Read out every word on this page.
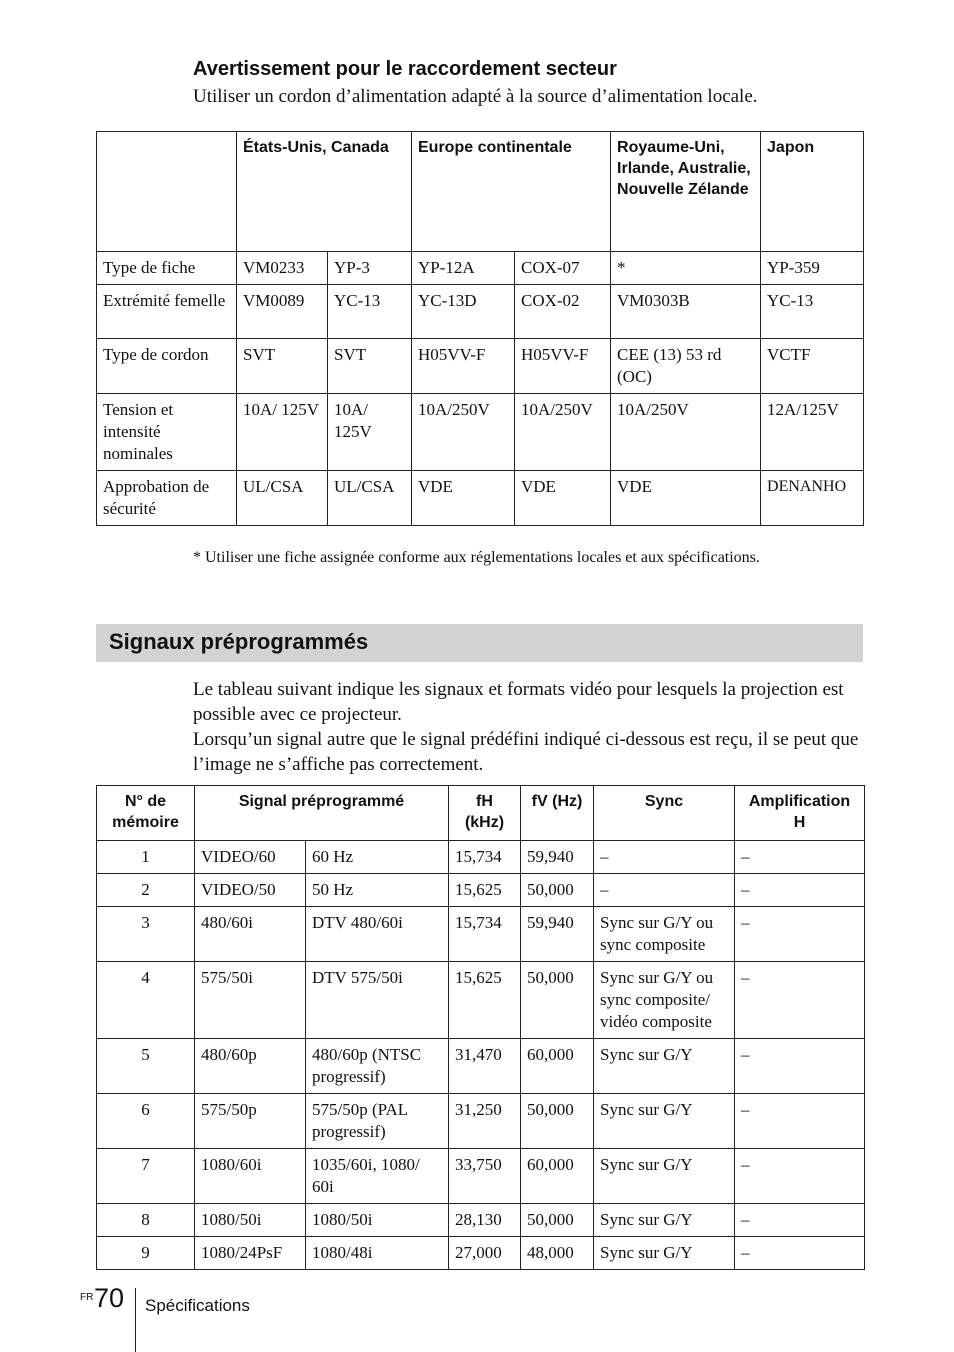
Avertissement pour le raccordement secteur

Utiliser un cordon d’alimentation adapté à la source d’alimentation locale.

	États-Unis, Canada		Europe continentale		Royaume-Uni, Irlande, Australie, Nouvelle Zélande	Japon
Type de fiche	VM0233	YP-3	YP-12A	COX-07	*	YP-359
Extrémité femelle	VM0089	YC-13	YC-13D	COX-02	VM0303B	YC-13
Type de cordon	SVT	SVT	H05VV-F	H05VV-F	CEE (13) 53 rd (OC)	VCTF
Tension et intensité nominales	10A/ 125V	10A/ 125V	10A/250V	10A/250V	10A/250V	12A/125V
Approbation de sécurité	UL/CSA	UL/CSA	VDE	VDE	VDE	DENANHO

* Utiliser une fiche assignée conforme aux réglementations locales et aux spécifications.

Signaux préprogrammés
Le tableau suivant indique les signaux et formats vidéo pour lesquels la projection est possible avec ce projecteur.
Lorsqu’un signal autre que le signal prédéfini indiqué ci-dessous est reçu, il se peut que l’image ne s’affiche pas correctement.
N° de mémoire	Signal préprogrammé		fH (kHz)	fV (Hz)	Sync	Amplification H
1	VIDEO/60	60 Hz	15,734	59,940	–	–
2	VIDEO/50	50 Hz	15,625	50,000	–	–
3	480/60i	DTV 480/60i	15,734	59,940	Sync sur G/Y ou sync composite	–
4	575/50i	DTV 575/50i	15,625	50,000	Sync sur G/Y ou sync composite/ vidéo composite	–
5	480/60p	480/60p (NTSC progressif)	31,470	60,000	Sync sur G/Y	–
6	575/50p	575/50p (PAL progressif)	31,250	50,000	Sync sur G/Y	–
7	1080/60i	1035/60i, 1080/ 60i	33,750	60,000	Sync sur G/Y	–
8	1080/50i	1080/50i	28,130	50,000	Sync sur G/Y	–
9	1080/24PsF	1080/48i	27,000	48,000	Sync sur G/Y	–
FR 70 Spécifications
